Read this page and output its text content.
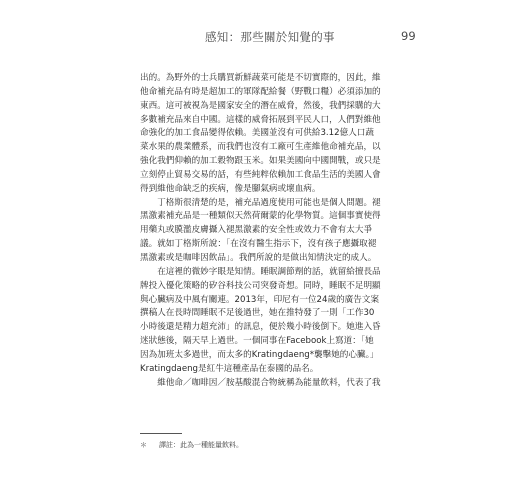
感知：那些關於知覺的事	99
出的。為野外的士兵購買新鮮蔬菜可能是不切實際的，因此，維
他命補充品有時是超加工的軍隊配給餐（野戰口糧）必須添加的
東西。這可被視為是國家安全的潛在威脅，然後，我們採購的大
多數補充品來自中國。這樣的威脅拓展到平民人口，人們對維他
命強化的加工食品變得依賴。美國並沒有可供給3.12億人口蔬
菜水果的農業體系，而我們也沒有工廠可生產維他命補充品，以
強化我們仰賴的加工穀物跟玉米。如果美國向中國開戰，或只是
立刻停止貿易交易的話，有些純粹依賴加工食品生活的美國人會
得到維他命缺乏的疾病，像是腳氣病或壞血病。
　　丁格斯很清楚的是，補充品過度使用可能也是個人問題。褪
黑激素補充品是一種類似天然荷爾蒙的化學物質。這個事實使得
用藥丸或膜濫皮膚攝入褪黑激素的安全性或效力不會有太大爭
議。就如丁格斯所說：「在沒有醫生指示下，沒有孩子應攝取褪
黑激素或是咖啡因飲品」。我們所說的是做出知情決定的成人。
　　在這裡的微妙字眼是知情。睡眠調節劑的話，就留給擅長品
牌投入優化策略的矽谷科技公司突發奇想。同時，睡眠不足明顯
與心臟病及中風有關連。2013年，印尼有一位24歲的廣告文案
撰稿人在長時間睡眠不足後過世，她在推特發了一則「工作30
小時後還是精力超充沛」的訊息，便於幾小時後倒下。她進入昏
迷狀態後，隔天早上過世。一個同事在Facebook上寫道：「她
因為加班太多過世，而太多的Kratingdaeng*襲擊她的心臟。」
Kratingdaeng是紅牛這種產品在泰國的品名。
　　維他命／咖啡因／胺基酸混合物統稱為能量飲料，代表了我
＊ 譯註：此為一種能量飲料。
